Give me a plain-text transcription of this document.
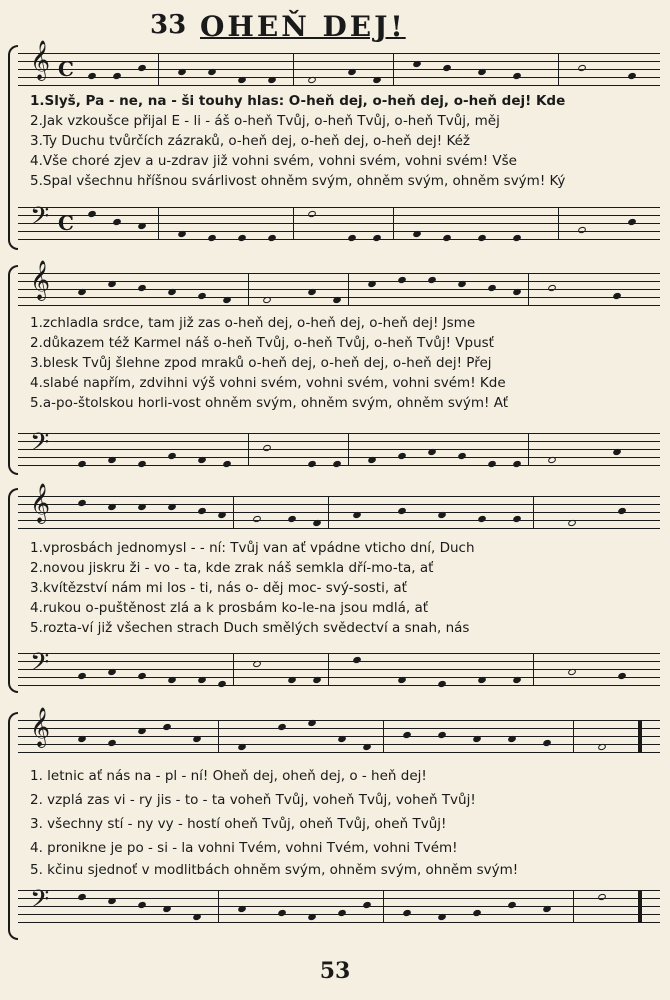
33 OHEŇ DEJ!
𝄞 C
1.Slyš, Pa - ne, na - ši touhy hlas: O-heň dej, o-heň dej, o-heň dej! Kde
2.Jak vzkoušce přijal E - li - áš o-heň Tvůj, o-heň Tvůj, o-heň Tvůj, měj
3.Ty Duchu tvůrčích zázraků, o-heň dej, o-heň dej, o-heň dej! Kéž
4.Vše choré zjev a u-zdrav již vohni svém, vohni svém, vohni svém! Vše
5.Spal všechnu hříšnou svárlivost ohněm svým, ohněm svým, ohněm svým! Ký
𝄢 C
𝄞
1.zchladla srdce, tam již zas o-heň dej, o-heň dej, o-heň dej! Jsme
2.důkazem též Karmel náš o-heň Tvůj, o-heň Tvůj, o-heň Tvůj! Vpusť
3.blesk Tvůj šlehne zpod mraků o-heň dej, o-heň dej, o-heň dej! Přej
4.slabé napřím, zdvihni výš vohni svém, vohni svém, vohni svém! Kde
5.a-po-štolskou horli-vost ohněm svým, ohněm svým, ohněm svým! Ať
𝄢
𝄞
1.vprosbách jednomysl - - ní: Tvůj van ať vpádne vticho dní, Duch
2.novou jiskru ži - vo - ta, kde zrak náš semkla dří-mo-ta, ať
3.kvítězství nám mi los - ti, nás o- děj moc- svý-sosti, ať
4.rukou o-puštěnost zlá a k prosbám ko-le-na jsou mdlá, ať
5.rozta-ví již všechen strach Duch smělých svědectví a snah, nás
𝄢
𝄞
1. letnic ať nás na - pl - ní! Oheň dej, oheň dej, o - heň dej!
2. vzplá zas vi - ry jis - to - ta voheň Tvůj, voheň Tvůj, voheň Tvůj!
3. všechny stí - ny vy - hostí oheň Tvůj, oheň Tvůj, oheň Tvůj!
4. pronikne je po - si - la vohni Tvém, vohni Tvém, vohni Tvém!
5. kčinu sjednoť v modlitbách ohněm svým, ohněm svým, ohněm svým!
𝄢
53
